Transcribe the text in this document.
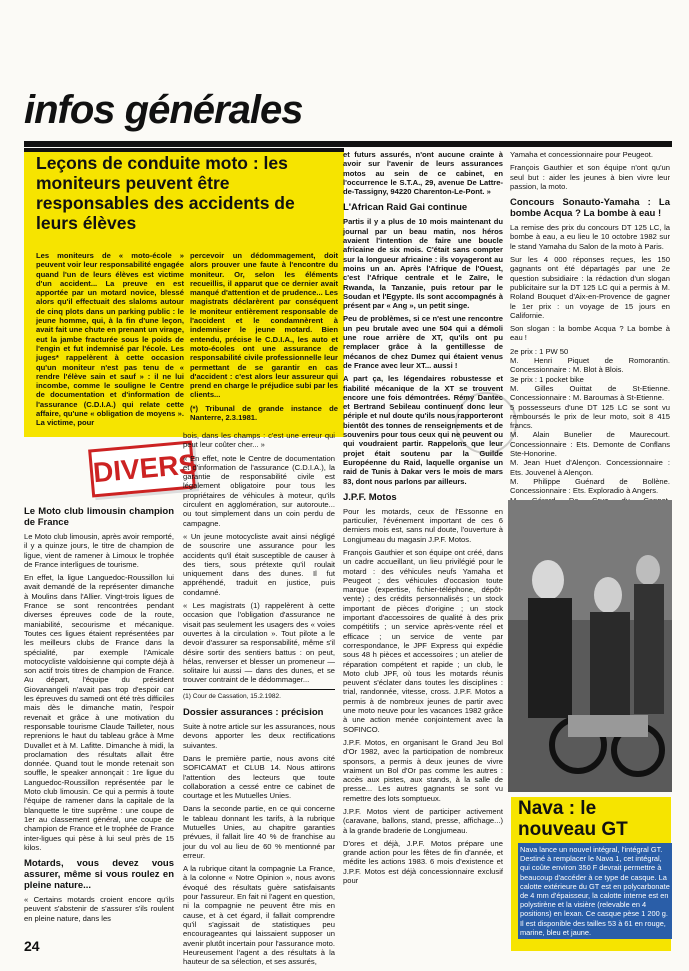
infos générales
Leçons de conduite moto : les moniteurs peuvent être responsables des accidents de leurs élèves

Les moniteurs de « moto-école » peuvent voir leur responsabilité engagée quand l'un de leurs élèves est victime d'un accident... La preuve en est apportée par un motard novice, blessé alors qu'il effectuait des slaloms autour de cinq plots dans un parking public : le jeune homme, qui, à la fin d'une leçon, avait fait une chute en prenant un virage, eut la jambe fracturée sous le poids de l'engin et fut indemnisé par l'école. Les juges* rappelèrent à cette occasion qu'un moniteur n'est pas tenu de « rendre l'élève sain et sauf » : il ne lui incombe, comme le souligne le Centre de documentation et d'information de l'assurance (C.D.I.A.) qui relate cette affaire, qu'une « obligation de moyens ». La victime, pour

percevoir un dédommagement, doit alors prouver une faute à l'encontre du moniteur. Or, selon les éléments recueillis, il apparut que ce dernier avait manqué d'attention et de prudence... Les magistrats déclarèrent par conséquent le moniteur entièrement responsable de l'accident et le condamnèrent à indemniser le jeune motard. Bien entendu, précise le C.D.I.A., les auto et moto-écoles ont une assurance de responsabilité civile professionnelle leur permettant de se garantir en cas d'accident : c'est alors leur assureur qui prend en charge le préjudice subi par les clients...

(*) Tribunal de grande instance de Nanterre, 2.3.1981.

DIVERS
Le Moto club limousin champion de France

Le Moto club limousin, après avoir remporté, il y a quinze jours, le titre de champion de ligue, vient de ramener à Limoux le trophée de France interligues de tourisme.

En effet, la ligue Languedoc-Roussillon lui avait demandé de la représenter dimanche à Moulins dans l'Allier. Vingt-trois ligues de France se sont rencontrées pendant diverses épreuves code de la route, maniabilité, secourisme et mécanique. Toutes ces ligues étaient représentées par les meilleurs clubs de France dans la spécialité, par exemple l'Amicale motocycliste valdoisienne qui compte déjà à son actif trois titres de champion de France. Au départ, l'équipe du président Giovanangeli n'avait pas trop d'espoir car les épreuves du samedi ont été très difficiles mais dès le dimanche matin, l'espoir revenait et grâce à une motivation du responsable tourisme Claude Tailleter, nous reprenions le haut du tableau grâce à Mme Duvallet et à M. Lafitte. Dimanche à midi, la proclamation des résultats allait être donnée. Quand tout le monde retenait son souffle, le speaker annonçait : 1re ligue du Languedoc-Roussillon représentée par le Moto club limousin. Ce qui a permis à toute l'équipe de ramener dans la capitale de la blanquette le titre suprême : une coupe de 1er au classement général, une coupe de champion de France et le trophée de France inter-ligues qui pèse à lui seul près de 15 kilos.

Motards, vous devez vous assurer, même si vous roulez en pleine nature...

« Certains motards croient encore qu'ils peuvent s'abstenir de s'assurer s'ils roulent en pleine nature, dans les

bois, dans les champs : c'est une erreur qui peut leur coûter cher... »

« En effet, note le Centre de documentation et d'information de l'assurance (C.D.I.A.), la garantie de responsabilité civile est légalement obligatoire pour tous les propriétaires de véhicules à moteur, qu'ils circulent en agglomération, sur autoroute... ou tout simplement dans un coin perdu de campagne.

« Un jeune motocycliste avait ainsi négligé de souscrire une assurance pour les accidents qu'il était susceptible de causer à des tiers, sous prétexte qu'il roulait uniquement dans des dunes. Il fut appréhendé, traduit en justice, puis condamné.

« Les magistrats (1) rappelèrent à cette occasion que l'obligation d'assurance ne visait pas seulement les usagers des « voies ouvertes à la circulation ». Tout pilote a le devoir d'assurer sa responsabilité, même s'il désire sortir des sentiers battus : on peut, hélas, renverser et blesser un promeneur — solitaire lui aussi — dans des dunes, et se trouver contraint de le dédommager...

(1) Cour de Cassation, 15.2.1982.

Dossier assurances : précision

Suite à notre article sur les assurances, nous devons apporter les deux rectifications suivantes.

Dans le première partie, nous avons cité SOFICAMAT et CLUB 14. Nous attirons l'attention des lecteurs que toute collaboration a cessé entre ce cabinet de courtage et les Mutuelles Unies.

Dans la seconde partie, en ce qui concerne le tableau donnant les tarifs, à la rubrique Mutuelles Unies, au chapitre garanties prévues, il fallait lire 40 % de franchise au jour du vol au lieu de 60 % mentionné par erreur.

A la rubrique citant la compagnie La France, à la colonne « Notre Opinion », nous avons évoqué des résultats guère satisfaisants pour l'assureur. En fait ni l'agent en question, ni la compagnie ne peuvent être mis en cause, et à cet égard, il fallait comprendre qu'il s'agissait de statistiques peu encourageantes qui laissaient supposer un avenir plutôt incertain pour l'assurance moto. Heureusement l'agent a des résultats à la hauteur de sa sélection, et ses assurés,

et futurs assurés, n'ont aucune crainte à avoir sur l'avenir de leurs assurances motos au sein de ce cabinet, en l'occurrence le S.T.A., 29, avenue De Lattre-de-Tassigny, 94220 Charenton-Le-Pont. »

L'African Raid Gai continue

Partis il y a plus de 10 mois maintenant du journal par un beau matin, nos héros avaient l'intention de faire une boucle africaine de six mois. C'était sans compter sur la longueur africaine : ils voyageront au moins un an. Après l'Afrique de l'Ouest, c'est l'Afrique centrale et le Zaïre, le Rwanda, la Tanzanie, puis retour par le Soudan et l'Egypte. Ils sont accompagnés à présent par « Ang », un petit singe.

Peu de problèmes, si ce n'est une rencontre un peu brutale avec une 504 qui a démoli une roue arrière de XT, qu'ils ont pu remplacer grâce à la gentillesse de mécanos de chez Dumez qui étaient venus de France avec leur XT... aussi !

A part ça, les légendaires robustesse et fiabilité mécanique de la XT se trouvent encore une fois démontrées. Rémy Dantec et Bertrand Sebileau continuent donc leur périple et nul doute qu'ils nous rapporteront bientôt des tonnes de renseignements et de souvenirs pour tous ceux qui ne peuvent ou qui voudraient partir. Rappelons que leur projet était soutenu par la Guilde Européenne du Raid, laquelle organise un raid de Tunis à Dakar vers le mois de mars 83, dont nous parlons par ailleurs.

J.P.F. Motos

Pour les motards, ceux de l'Essonne en particulier, l'événement important de ces 6 derniers mois est, sans nul doute, l'ouverture à Longjumeau du magasin J.P.F. Motos.

François Gauthier et son équipe ont créé, dans un cadre accueillant, un lieu privilégié pour le motard : des véhicules neufs Yamaha et Peugeot ; des véhicules d'occasion toute marque (expertise, fichier-téléphone, dépôt-vente) ; des crédits personnalisés ; un stock important de pièces d'origine ; un stock important d'accessoires de qualité à des prix compétitifs ; un service après-vente réel et efficace ; un service de vente par correspondance, le JPF Express qui expédie sous 48 h pièces et accessoires ; un atelier de réparation compétent et rapide ; un club, le Moto club JPF, où tous les motards réunis peuvent s'éclater dans toutes les disciplines : trial, randonnée, vitesse, cross. J.P.F. Motos a permis à de nombreux jeunes de partir avec une moto neuve pour les vacances 1982 grâce à une action menée conjointement avec la SOFINCO.

J.P.F. Motos, en organisant le Grand Jeu Bol d'Or 1982, avec la participation de nombreux sponsors, a permis à deux jeunes de vivre vraiment un Bol d'Or pas comme les autres : accès aux pistes, aux stands, à la salle de presse... Les autres gagnants se sont vu remettre des lots somptueux.

J.P.F. Motos vient de participer activement (caravane, ballons, stand, presse, affichage...) à la grande braderie de Longjumeau.

D'ores et déjà, J.P.F. Motos prépare une grande action pour les fêtes de fin d'année, et médite les actions 1983. 6 mois d'existence et J.P.F. Motos est déjà concessionnaire exclusif pour

Yamaha et concessionnaire pour Peugeot.

François Gauthier et son équipe n'ont qu'un seul but : aider les jeunes à bien vivre leur passion, la moto.

Concours Sonauto-Yamaha : La bombe Acqua ? La bombe à eau !

La remise des prix du concours DT 125 LC, la bombe à eau, a eu lieu le 10 octobre 1982 sur le stand Yamaha du Salon de la moto à Paris.

Sur les 4 000 réponses reçues, les 150 gagnants ont été départagés par une 2e question subsidiaire : la rédaction d'un slogan publicitaire sur la DT 125 LC qui a permis à M. Roland Bouquet d'Aix-en-Provence de gagner le 1er prix : un voyage de 15 jours en Californie.

Son slogan : la bombe Acqua ? La bombe à eau !

2e prix : 1 PW 50
M. Henri Piquet de Romorantin. Concessionnaire : M. Blot à Blois.
3e prix : 1 pocket bike
M. Gilles Ouittat de St-Etienne. Concessionnaire : M. Baroumas à St-Etienne.
5 possesseurs d'une DT 125 LC se sont vu remboursés le prix de leur moto, soit 8 415 francs.
M. Alain Bunelier de Maurecourt. Concessionnaire : Ets. Demonte de Conflans Ste-Honorine.
M. Jean Huet d'Alençon. Concessionnaire : Ets. Jouvenel à Alençon.
M. Philippe Guénard de Bollène. Concessionnaire : Ets. Exploradio à Angers.

Nava : le nouveau GT
Nava lance un nouvel intégral, l'intégral GT. Destiné à remplacer le Nava 1, cet intégral, qui coûte environ 350 F devrait permettre à beaucoup d'accéder à ce type de casque. La calotte extérieure du GT est en polycarbonate de 4 mm d'épaisseur, la calotte interne est en polystirène et la visière (relevable en 4 positions) en lexan. Ce casque pèse 1 200 g. Il est disponible des tailles 53 à 61 en rouge, marine, bleu et jaune.
24
